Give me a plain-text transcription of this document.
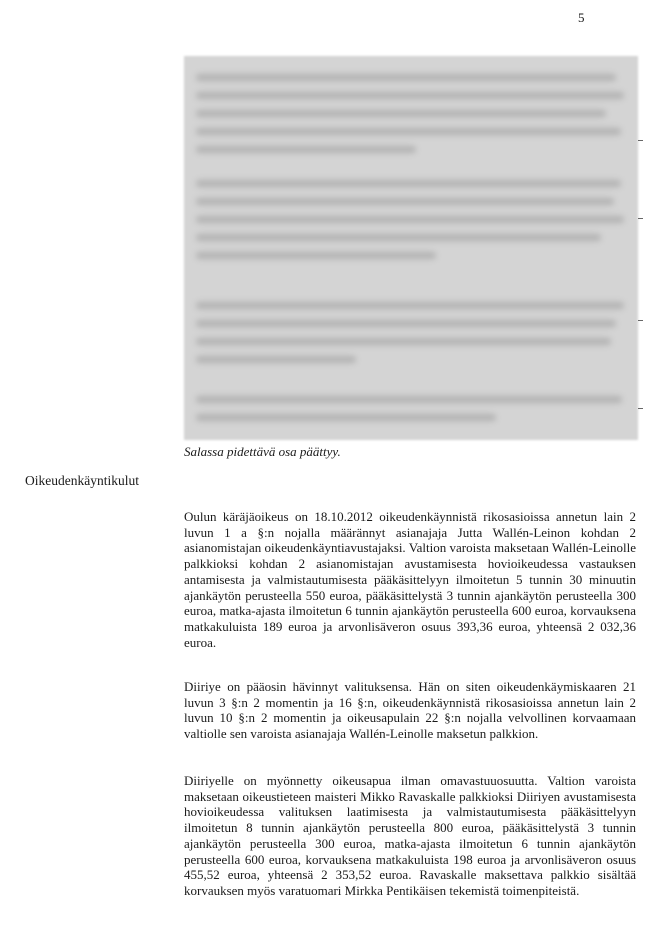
5
Salassa pidettävä osa päättyy.
Oikeudenkäyntikulut

Oulun käräjäoikeus on 18.10.2012 oikeudenkäynnistä rikosasioissa annetun lain 2 luvun 1 a §:n nojalla määrännyt asianajaja Jutta Wallén-Leinon kohdan 2 asianomistajan oikeudenkäyntiavustajaksi. Valtion varoista maksetaan Wallén-Leinolle palkkioksi kohdan 2 asianomistajan avustamisesta hovioikeudessa vastauksen antamisesta ja valmistautumisesta pääkäsittelyyn ilmoitetun 5 tunnin 30 minuutin ajankäytön perusteella 550 euroa, pääkäsittelystä 3 tunnin ajankäytön perusteella 300 euroa, matka-ajasta ilmoitetun 6 tunnin ajankäytön perusteella 600 euroa, korvauksena matkakuluista 189 euroa ja arvonlisäveron osuus 393,36 euroa, yhteensä 2 032,36 euroa.

Diiriye on pääosin hävinnyt valituksensa. Hän on siten oikeudenkäymiskaaren 21 luvun 3 §:n 2 momentin ja 16 §:n, oikeudenkäynnistä rikosasioissa annetun lain 2 luvun 10 §:n 2 momentin ja oikeusapulain 22 §:n nojalla velvollinen korvaamaan valtiolle sen varoista asianajaja Wallén-Leinolle maksetun palkkion.

Diiriyelle on myönnetty oikeusapua ilman omavastuuosuutta. Valtion varoista maksetaan oikeustieteen maisteri Mikko Ravaskalle palkkioksi Diiriyen avustamisesta hovioikeudessa valituksen laatimisesta ja valmistautumisesta pääkäsittelyyn ilmoitetun 8 tunnin ajankäytön perusteella 800 euroa, pääkäsittelystä 3 tunnin ajankäytön perusteella 300 euroa, matka-ajasta ilmoitetun 6 tunnin ajankäytön perusteella 600 euroa, korvauksena matkakuluista 198 euroa ja arvonlisäveron osuus 455,52 euroa, yhteensä 2 353,52 euroa. Ravaskalle maksettava palkkio sisältää korvauksen myös varatuomari Mirkka Pentikäisen tekemistä toimenpiteistä.
